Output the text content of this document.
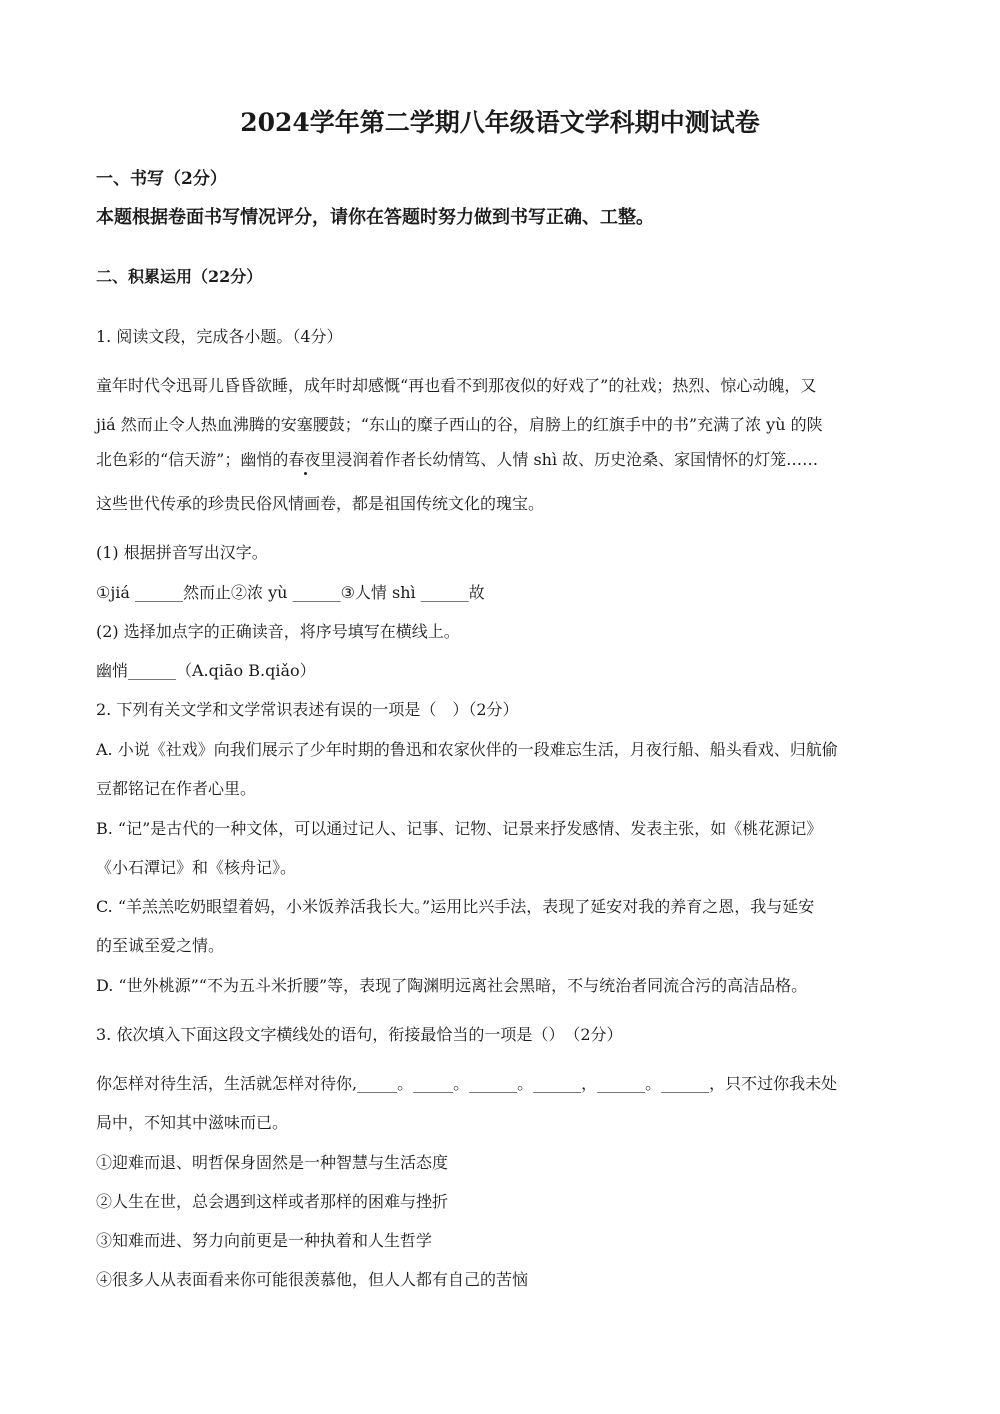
2024学年第二学期八年级语文学科期中测试卷
一、书写（2分）
本题根据卷面书写情况评分，请你在答题时努力做到书写正确、工整。
二、积累运用（22分）
1. 阅读文段，完成各小题。（4分）
童年时代令迅哥儿昏昏欲睡，成年时却感慨“再也看不到那夜似的好戏了”的社戏；热烈、惊心动魄，又
jiá 然而止令人热血沸腾的安塞腰鼓；“东山的糜子西山的谷，肩膀上的红旗手中的书”充满了浓 yù 的陕
北色彩的“信天游”；幽悄的春夜里浸润着作者长幼情笃、人情 shì 故、历史沧桑、家国情怀的灯笼……
这些世代传承的珍贵民俗风情画卷，都是祖国传统文化的瑰宝。
(1) 根据拼音写出汉字。
①jiá ______然而止②浓 yù ______③人情 shì ______故
(2) 选择加点字的正确读音，将序号填写在横线上。
幽悄______（A.qiāo B.qiǎo）
2. 下列有关文学和文学常识表述有误的一项是（　）（2分）
A. 小说《社戏》向我们展示了少年时期的鲁迅和农家伙伴的一段难忘生活，月夜行船、船头看戏、归航偷
豆都铭记在作者心里。
B. “记”是古代的一种文体，可以通过记人、记事、记物、记景来抒发感情、发表主张，如《桃花源记》
《小石潭记》和《核舟记》。
C. “羊羔羔吃奶眼望着妈，小米饭养活我长大。”运用比兴手法，表现了延安对我的养育之恩，我与延安
的至诚至爱之情。
D. “世外桃源”“不为五斗米折腰”等，表现了陶渊明远离社会黑暗，不与统治者同流合污的高洁品格。
3. 依次填入下面这段文字横线处的语句，衔接最恰当的一项是（）　（2分）
你怎样对待生活，生活就怎样对待你,_____。_____。______。______，______。______，只不过你我未处
局中，不知其中滋味而已。
①迎难而退、明哲保身固然是一种智慧与生活态度
②人生在世，总会遇到这样或者那样的困难与挫折
③知难而进、努力向前更是一种执着和人生哲学
④很多人从表面看来你可能很羡慕他，但人人都有自己的苦恼
